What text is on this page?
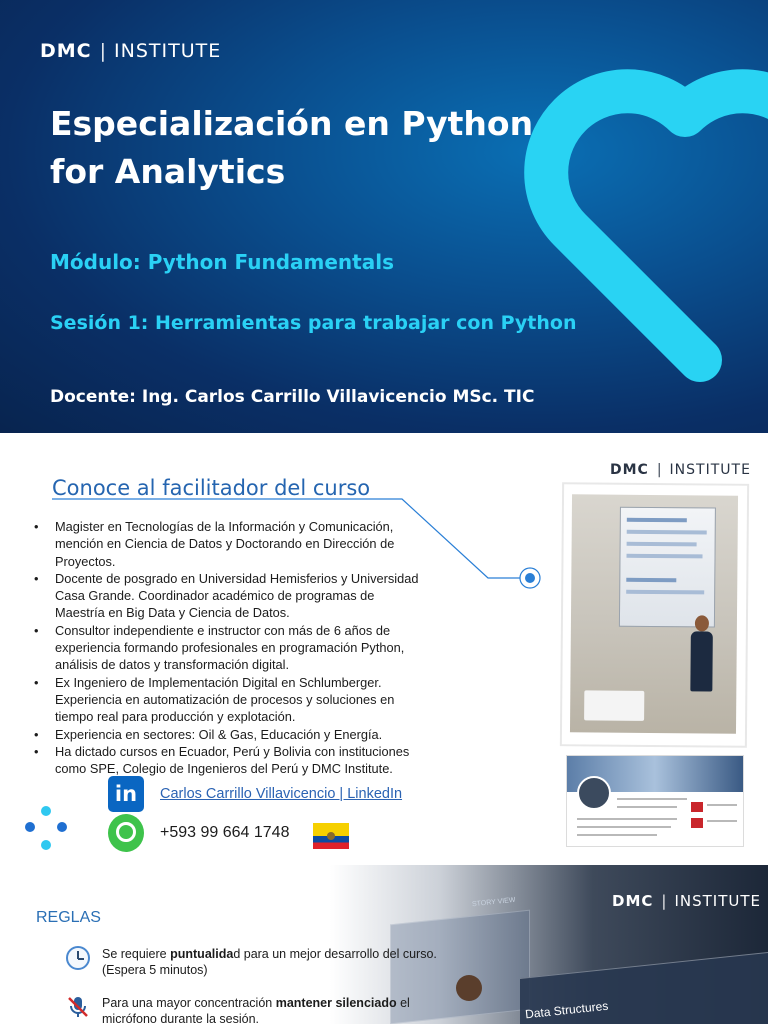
DMC | INSTITUTE
Especialización en Python
for Analytics
Módulo: Python Fundamentals
Sesión 1: Herramientas para trabajar con Python
Docente: Ing. Carlos Carrillo Villavicencio MSc. TIC
Conoce al facilitador del curso
• Magister en Tecnologías de la Información y Comunicación, mención en Ciencia de Datos y Doctorando en Dirección de Proyectos.
• Docente de posgrado en Universidad Hemisferios y Universidad Casa Grande. Coordinador académico de programas de Maestría en Big Data y Ciencia de Datos.
• Consultor independiente e instructor con más de 6 años de experiencia formando profesionales en programación Python, análisis de datos y transformación digital.
• Ex Ingeniero de Implementación Digital en Schlumberger. Experiencia en automatización de procesos y soluciones en tiempo real para producción y explotación.
• Experiencia en sectores: Oil & Gas, Educación y Energía.
• Ha dictado cursos en Ecuador, Perú y Bolivia con instituciones como SPE, Colegio de Ingenieros del Perú y DMC Institute.
DMC | INSTITUTE
in	Carlos Carrillo Villavicencio | LinkedIn
+593 99 664 1748
STORY VIEW
Data Structures
DMC | INSTITUTE
REGLAS
Se requiere puntualidad para un mejor desarrollo del curso. (Espera 5 minutos)
Para una mayor concentración mantener silenciado el micrófono durante la sesión.
